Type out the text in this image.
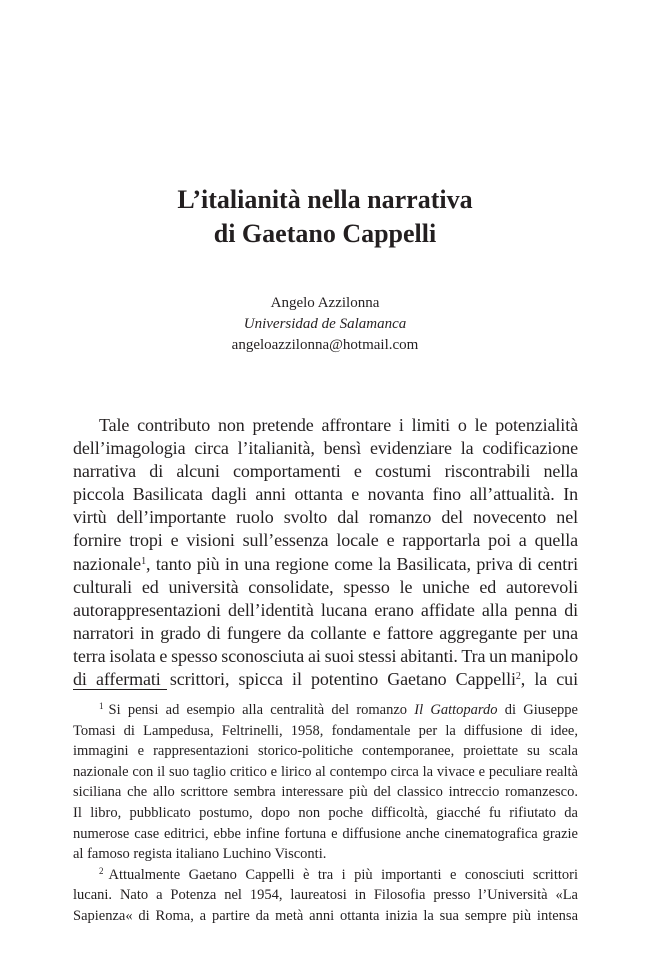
L’italianità nella narrativa
di Gaetano Cappelli
Angelo Azzilonna
Universidad de Salamanca
angeloazzilonna@hotmail.com
Tale contributo non pretende affrontare i limiti o le potenzialità
dell’imagologia circa l’italianità, bensì evidenziare la codificazione
narrativa di alcuni comportamenti e costumi riscontrabili nella
piccola Basilicata dagli anni ottanta e novanta fino all’attualità. In
virtù dell’importante ruolo svolto dal romanzo del novecento nel
fornire tropi e visioni sull’essenza locale e rapportarla poi a quella
nazionale$^1$, tanto più in una regione come la Basilicata, priva di centri
culturali ed università consolidate, spesso le uniche ed autorevoli
autorappresentazioni dell’identità lucana erano affidate alla penna di
narratori in grado di fungere da collante e fattore aggregante per una
terra isolata e spesso sconosciuta ai suoi stessi abitanti. Tra un manipolo
di affermati scrittori, spicca il potentino Gaetano Cappelli$^2$, la cui
$^1$ Si pensi ad esempio alla centralità del romanzo Il Gattopardo di Giuseppe
Tomasi di Lampedusa, Feltrinelli, 1958, fondamentale per la diffusione di idee,
immagini e rappresentazioni storico-politiche contemporanee, proiettate su scala
nazionale con il suo taglio critico e lirico al contempo circa la vivace e peculiare realtà
siciliana che allo scrittore sembra interessare più del classico intreccio romanzesco.
Il libro, pubblicato postumo, dopo non poche difficoltà, giacché fu rifiutato da
numerose case editrici, ebbe infine fortuna e diffusione anche cinematografica grazie
al famoso regista italiano Luchino Visconti.
$^2$ Attualmente Gaetano Cappelli è tra i più importanti e conosciuti scrittori
lucani. Nato a Potenza nel 1954, laureatosi in Filosofia presso l’Università «La
Sapienza« di Roma, a partire da metà anni ottanta inizia la sua sempre più intensa
